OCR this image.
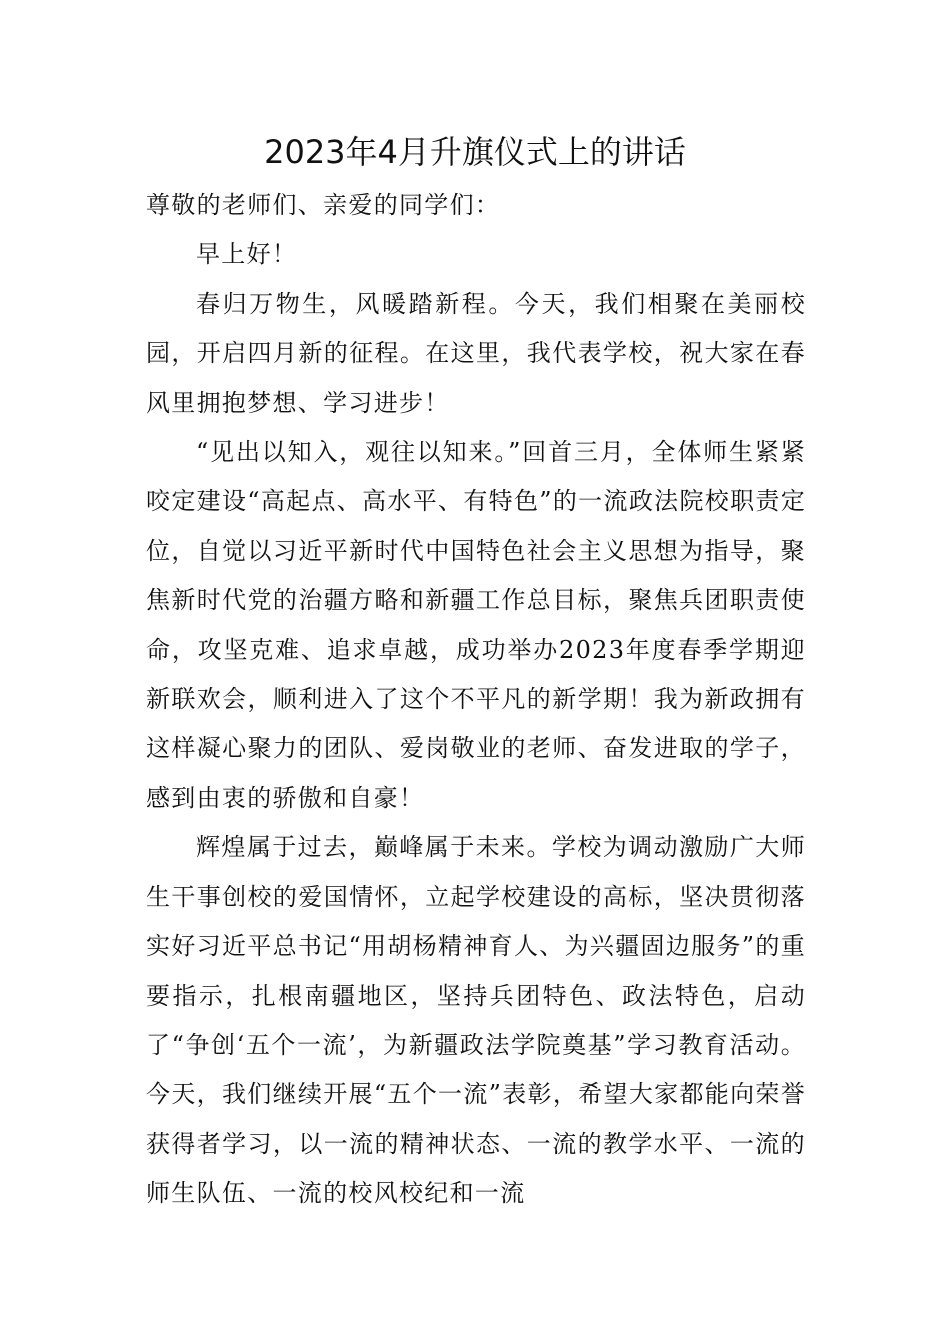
2023年4月升旗仪式上的讲话

尊敬的老师们、亲爱的同学们：

早上好！

春归万物生，风暖踏新程。今天，我们相聚在美丽校园，开启四月新的征程。在这里，我代表学校，祝大家在春风里拥抱梦想、学习进步！

“见出以知入，观往以知来。”回首三月，全体师生紧紧咬定建设“高起点、高水平、有特色”的一流政法院校职责定位，自觉以习近平新时代中国特色社会主义思想为指导，聚焦新时代党的治疆方略和新疆工作总目标，聚焦兵团职责使命，攻坚克难、追求卓越，成功举办2023年度春季学期迎新联欢会，顺利进入了这个不平凡的新学期！我为新政拥有这样凝心聚力的团队、爱岗敬业的老师、奋发进取的学子，感到由衷的骄傲和自豪！

辉煌属于过去，巅峰属于未来。学校为调动激励广大师生干事创校的爱国情怀，立起学校建设的高标，坚决贯彻落实好习近平总书记“用胡杨精神育人、为兴疆固边服务”的重要指示，扎根南疆地区，坚持兵团特色、政法特色，启动了“争创‘五个一流’，为新疆政法学院奠基”学习教育活动。今天，我们继续开展“五个一流”表彰，希望大家都能向荣誉获得者学习，以一流的精神状态、一流的教学水平、一流的师生队伍、一流的校风校纪和一流
